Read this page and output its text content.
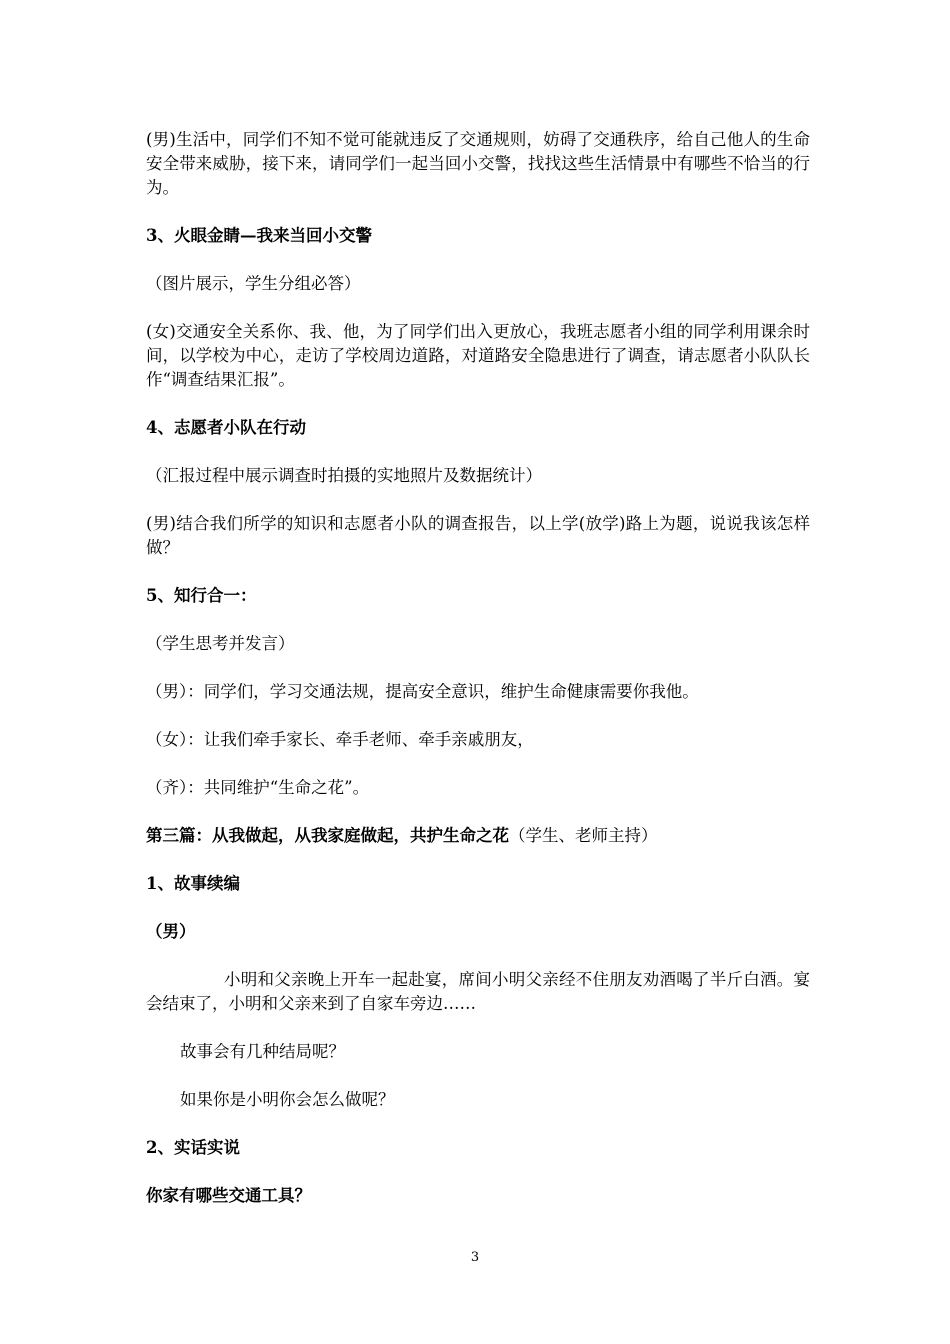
(男)生活中，同学们不知不觉可能就违反了交通规则，妨碍了交通秩序，给自己他人的生命安全带来威胁，接下来，请同学们一起当回小交警，找找这些生活情景中有哪些不恰当的行为。
3、火眼金睛—我来当回小交警
（图片展示，学生分组必答）
(女)交通安全关系你、我、他，为了同学们出入更放心，我班志愿者小组的同学利用课余时间，以学校为中心，走访了学校周边道路，对道路安全隐患进行了调查，请志愿者小队队长作“调查结果汇报”。
4、志愿者小队在行动
（汇报过程中展示调查时拍摄的实地照片及数据统计）
(男)结合我们所学的知识和志愿者小队的调查报告，以上学(放学)路上为题，说说我该怎样做？
5、知行合一：
（学生思考并发言）
（男）：同学们，学习交通法规，提高安全意识，维护生命健康需要你我他。
（女）：让我们牵手家长、牵手老师、牵手亲戚朋友，
（齐）：共同维护“生命之花”。
第三篇：从我做起，从我家庭做起，共护生命之花（学生、老师主持）
1、故事续编
（男）
小明和父亲晚上开车一起赴宴，席间小明父亲经不住朋友劝酒喝了半斤白酒。宴会结束了，小明和父亲来到了自家车旁边……
故事会有几种结局呢？
如果你是小明你会怎么做呢？
2、实话实说
你家有哪些交通工具？
3
